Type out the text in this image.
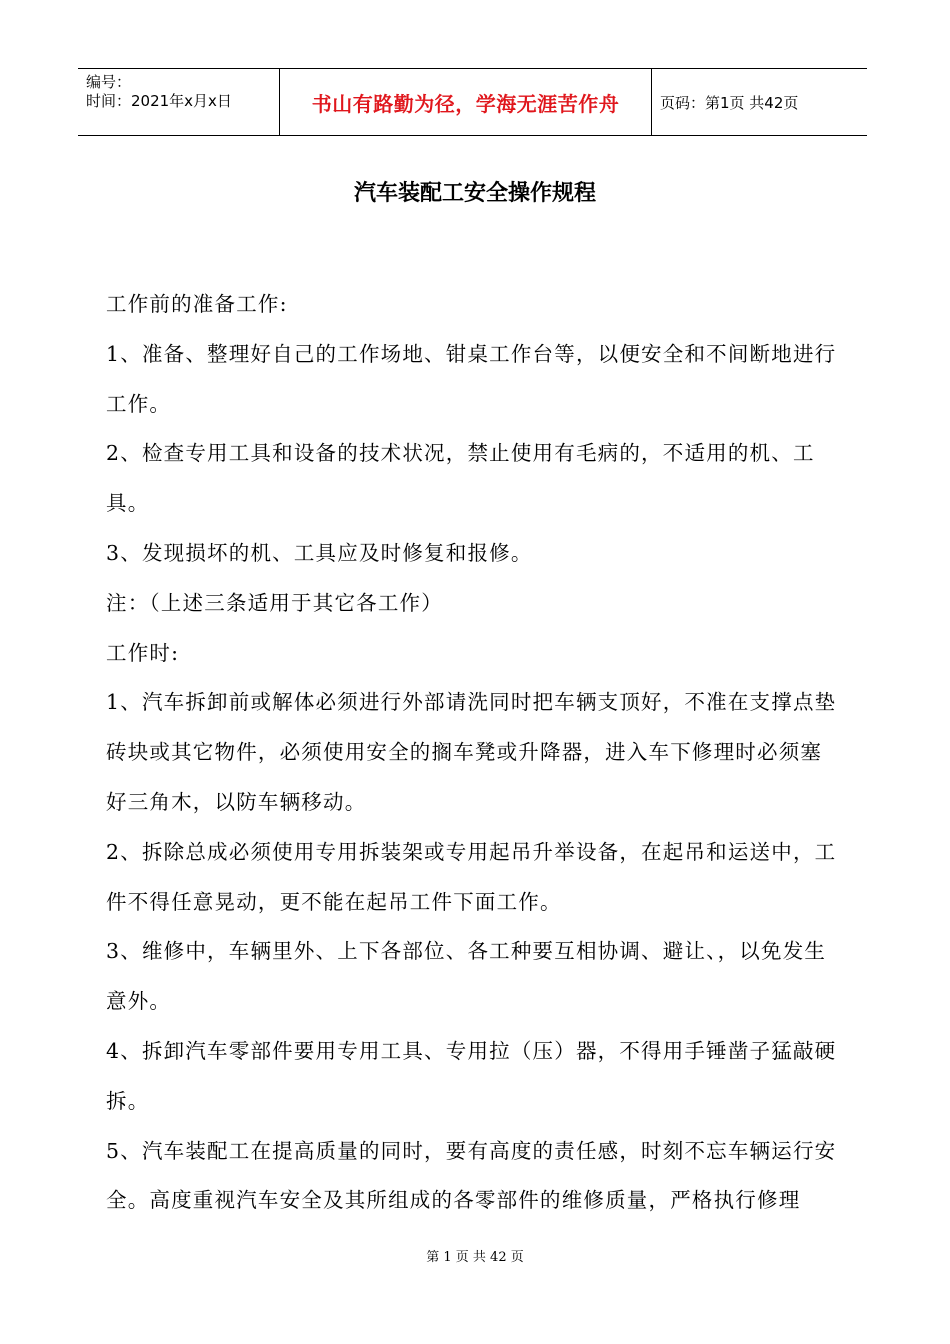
编号：
时间：2021年x月x日	书山有路勤为径，学海无涯苦作舟	页码：第1页 共42页
汽车装配工安全操作规程

工作前的准备工作:

1、准备、整理好自己的工作场地、钳桌工作台等，以便安全和不间断地进行工作。

2、检查专用工具和设备的技术状况，禁止使用有毛病的，不适用的机、工具。

3、发现损坏的机、工具应及时修复和报修。

注：（上述三条适用于其它各工作）

工作时:

1、汽车拆卸前或解体必须进行外部请洗同时把车辆支顶好，不准在支撑点垫砖块或其它物件，必须使用安全的搁车凳或升降器，进入车下修理时必须塞好三角木，以防车辆移动。

2、拆除总成必须使用专用拆装架或专用起吊升举设备，在起吊和运送中，工件不得任意晃动，更不能在起吊工件下面工作。

3、维修中，车辆里外、上下各部位、各工种要互相协调、避让、，以免发生意外。

4、拆卸汽车零部件要用专用工具、专用拉（压）器，不得用手锤凿子猛敲硬拆。

5、汽车装配工在提高质量的同时，要有高度的责任感，时刻不忘车辆运行安全。高度重视汽车安全及其所组成的各零部件的维修质量，严格执行修理

第 1 页 共 42 页
